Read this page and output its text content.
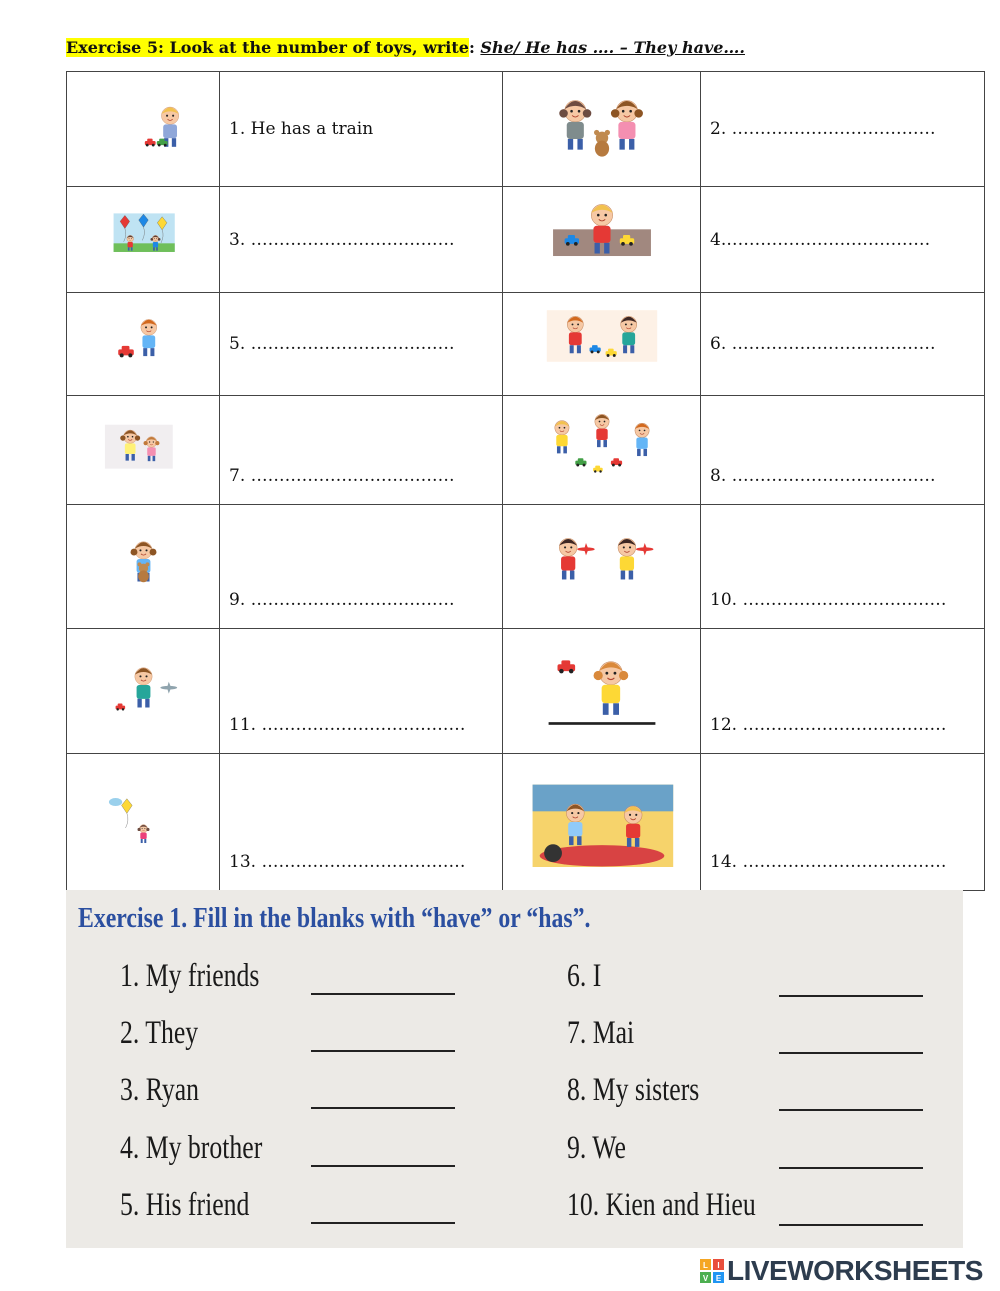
Exercise 5: Look at the number of toys, write: She/ He has …. – They have….
	1. He has a train		2. ………………………………

	3. ………………………………		4.………………………………

	5. ………………………………		6. ………………………………

	7. ………………………………		8. ………………………………

	9. ………………………………		10. ………………………………

	11. ………………………………		12. ………………………………

	13. ………………………………		14. ………………………………
Exercise 1. Fill in the blanks with “have” or “has”.
1. My friends
2. They
3. Ryan
4. My brother
5. His friend
6. I
7. Mai
8. My sisters
9. We
10. Kien and Hieu
L I
V E LIVEWORKSHEETS
